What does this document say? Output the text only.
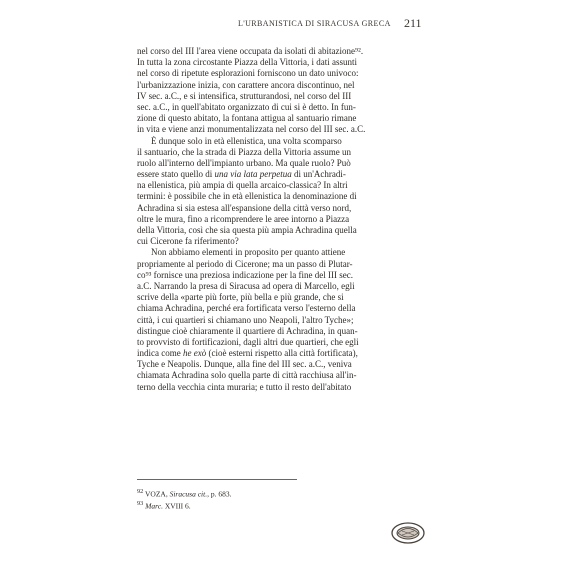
L'URBANISTICA DI SIRACUSA GRECA 211
nel corso del III l'area viene occupata da isolati di abitazione⁹².
In tutta la zona circostante Piazza della Vittoria, i dati assunti
nel corso di ripetute esplorazioni forniscono un dato univoco:
l'urbanizzazione inizia, con carattere ancora discontinuo, nel
IV sec. a.C., e si intensifica, strutturandosi, nel corso del III
sec. a.C., in quell'abitato organizzato di cui si è detto. In fun-
zione di questo abitato, la fontana attigua al santuario rimane
in vita e viene anzi monumentalizzata nel corso del III sec. a.C.
È dunque solo in età ellenistica, una volta scomparso
il santuario, che la strada di Piazza della Vittoria assume un
ruolo all'interno dell'impianto urbano. Ma quale ruolo? Può
essere stato quello di una via lata perpetua di un'Achradi-
na ellenistica, più ampia di quella arcaico-classica? In altri
termini: è possibile che in età ellenistica la denominazione di
Achradina si sia estesa all'espansione della città verso nord,
oltre le mura, fino a ricomprendere le aree intorno a Piazza
della Vittoria, così che sia questa più ampia Achradina quella
cui Cicerone fa riferimento?
Non abbiamo elementi in proposito per quanto attiene
propriamente al periodo di Cicerone; ma un passo di Plutar-
co⁹³ fornisce una preziosa indicazione per la fine del III sec.
a.C. Narrando la presa di Siracusa ad opera di Marcello, egli
scrive della «parte più forte, più bella e più grande, che si
chiama Achradina, perché era fortificata verso l'esterno della
città, i cui quartieri si chiamano uno Neapoli, l'altro Tyche»;
distingue cioè chiaramente il quartiere di Achradina, in quan-
to provvisto di fortificazioni, dagli altri due quartieri, che egli
indica come he exò (cioè esterni rispetto alla città fortificata),
Tyche e Neapolis. Dunque, alla fine del III sec. a.C., veniva
chiamata Achradina solo quella parte di città racchiusa all'in-
terno della vecchia cinta muraria; e tutto il resto dell'abitato
$^{92}$ VOZA, Siracusa cit., p. 683.
$^{93}$ Marc. XVIII 6.
